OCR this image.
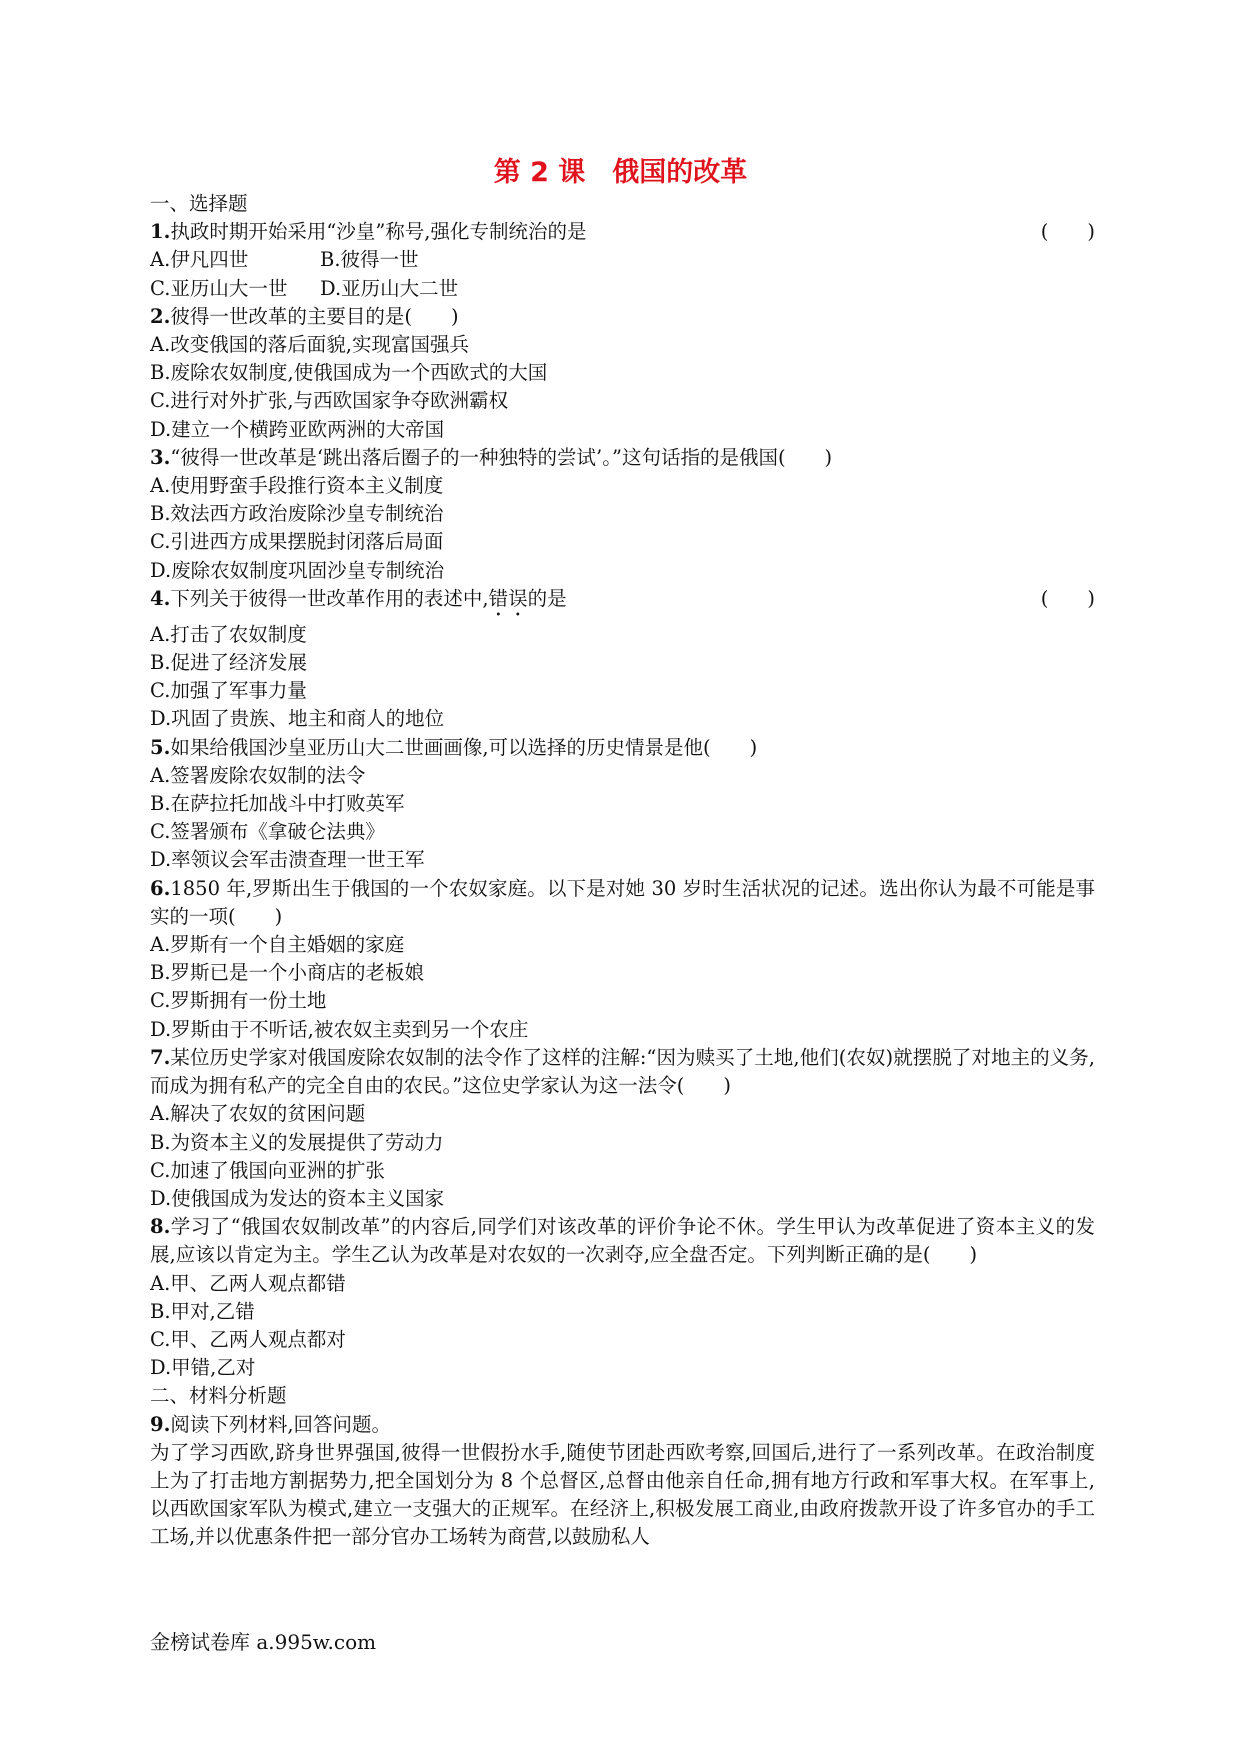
第 2 课　俄国的改革
一、选择题
1.执政时期开始采用“沙皇”称号,强化专制统治的是	(　　)
A.伊凡四世	B.彼得一世
C.亚历山大一世 D.亚历山大二世
2.彼得一世改革的主要目的是(　　)
A.改变俄国的落后面貌,实现富国强兵
B.废除农奴制度,使俄国成为一个西欧式的大国
C.进行对外扩张,与西欧国家争夺欧洲霸权
D.建立一个横跨亚欧两洲的大帝国
3.“彼得一世改革是‘跳出落后圈子的一种独特的尝试’。”这句话指的是俄国(　　)
A.使用野蛮手段推行资本主义制度
B.效法西方政治废除沙皇专制统治
C.引进西方成果摆脱封闭落后局面
D.废除农奴制度巩固沙皇专制统治
4.下列关于彼得一世改革作用的表述中,错误的是	(　　)
A.打击了农奴制度
B.促进了经济发展
C.加强了军事力量
D.巩固了贵族、地主和商人的地位
5.如果给俄国沙皇亚历山大二世画画像,可以选择的历史情景是他(　　)
A.签署废除农奴制的法令
B.在萨拉托加战斗中打败英军
C.签署颁布《拿破仑法典》
D.率领议会军击溃查理一世王军
6.1850 年,罗斯出生于俄国的一个农奴家庭。以下是对她 30 岁时生活状况的记述。选出你认为最不可能是事实的一项(　　)
A.罗斯有一个自主婚姻的家庭
B.罗斯已是一个小商店的老板娘
C.罗斯拥有一份土地
D.罗斯由于不听话,被农奴主卖到另一个农庄
7.某位历史学家对俄国废除农奴制的法令作了这样的注解:“因为赎买了土地,他们(农奴)就摆脱了对地主的义务,而成为拥有私产的完全自由的农民。”这位史学家认为这一法令(　　)
A.解决了农奴的贫困问题
B.为资本主义的发展提供了劳动力
C.加速了俄国向亚洲的扩张
D.使俄国成为发达的资本主义国家
8.学习了“俄国农奴制改革”的内容后,同学们对该改革的评价争论不休。学生甲认为改革促进了资本主义的发展,应该以肯定为主。学生乙认为改革是对农奴的一次剥夺,应全盘否定。下列判断正确的是(　　)
A.甲、乙两人观点都错
B.甲对,乙错
C.甲、乙两人观点都对
D.甲错,乙对
二、材料分析题
9.阅读下列材料,回答问题。
为了学习西欧,跻身世界强国,彼得一世假扮水手,随使节团赴西欧考察,回国后,进行了一系列改革。在政治制度上为了打击地方割据势力,把全国划分为 8 个总督区,总督由他亲自任命,拥有地方行政和军事大权。在军事上,以西欧国家军队为模式,建立一支强大的正规军。在经济上,积极发展工商业,由政府拨款开设了许多官办的手工工场,并以优惠条件把一部分官办工场转为商营,以鼓励私人
金榜试卷库 a.995w.com
